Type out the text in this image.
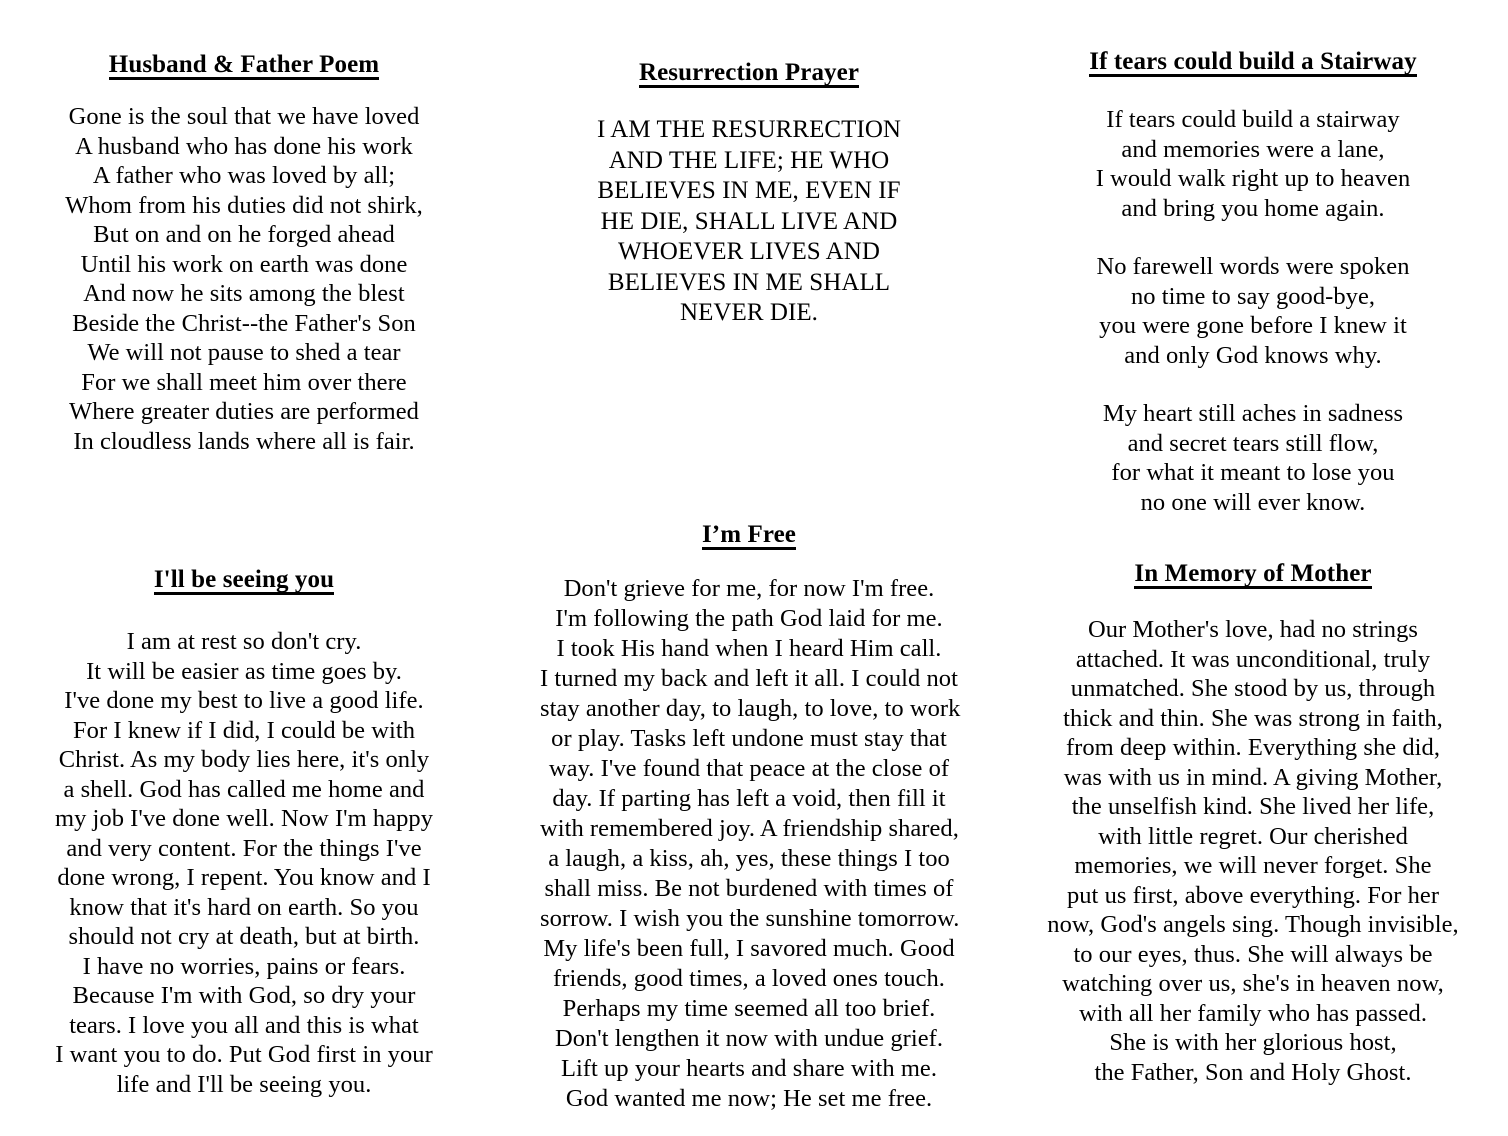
Husband & Father Poem
Gone is the soul that we have loved
A husband who has done his work
A father who was loved by all;
Whom from his duties did not shirk,
But on and on he forged ahead
Until his work on earth was done
And now he sits among the blest
Beside the Christ--the Father's Son
We will not pause to shed a tear
For we shall meet him over there
Where greater duties are performed
In cloudless lands where all is fair.
Resurrection Prayer
I AM THE RESURRECTION
AND THE LIFE; HE WHO
BELIEVES IN ME, EVEN IF
HE DIE, SHALL LIVE AND
WHOEVER LIVES AND
BELIEVES IN ME SHALL
NEVER DIE.
If tears could build a Stairway
If tears could build a stairway
and memories were a lane,
I would walk right up to heaven
and bring you home again.
No farewell words were spoken
no time to say good-bye,
you were gone before I knew it
and only God knows why.
My heart still aches in sadness
and secret tears still flow,
for what it meant to lose you
no one will ever know.
I'll be seeing you
I am at rest so don't cry.
It will be easier as time goes by.
I've done my best to live a good life.
For I knew if I did, I could be with
Christ. As my body lies here, it's only
a shell. God has called me home and
my job I've done well. Now I'm happy
and very content. For the things I've
done wrong, I repent. You know and I
know that it's hard on earth. So you
should not cry at death, but at birth.
I have no worries, pains or fears.
Because I'm with God, so dry your
tears. I love you all and this is what
I want you to do. Put God first in your
life and I'll be seeing you.
I’m Free
Don't grieve for me, for now I'm free.
I'm following the path God laid for me.
I took His hand when I heard Him call.
I turned my back and left it all. I could not
stay another day, to laugh, to love, to work
or play. Tasks left undone must stay that
way. I've found that peace at the close of
day. If parting has left a void, then fill it
with remembered joy. A friendship shared,
a laugh, a kiss, ah, yes, these things I too
shall miss. Be not burdened with times of
sorrow. I wish you the sunshine tomorrow.
My life's been full, I savored much. Good
friends, good times, a loved ones touch.
Perhaps my time seemed all too brief.
Don't lengthen it now with undue grief.
Lift up your hearts and share with me.
God wanted me now; He set me free.
In Memory of Mother
Our Mother's love, had no strings
attached. It was unconditional, truly
unmatched. She stood by us, through
thick and thin. She was strong in faith,
from deep within. Everything she did,
was with us in mind. A giving Mother,
the unselfish kind. She lived her life,
with little regret. Our cherished
memories, we will never forget. She
put us first, above everything. For her
now, God's angels sing. Though invisible,
to our eyes, thus. She will always be
watching over us, she's in heaven now,
with all her family who has passed.
She is with her glorious host,
the Father, Son and Holy Ghost.
